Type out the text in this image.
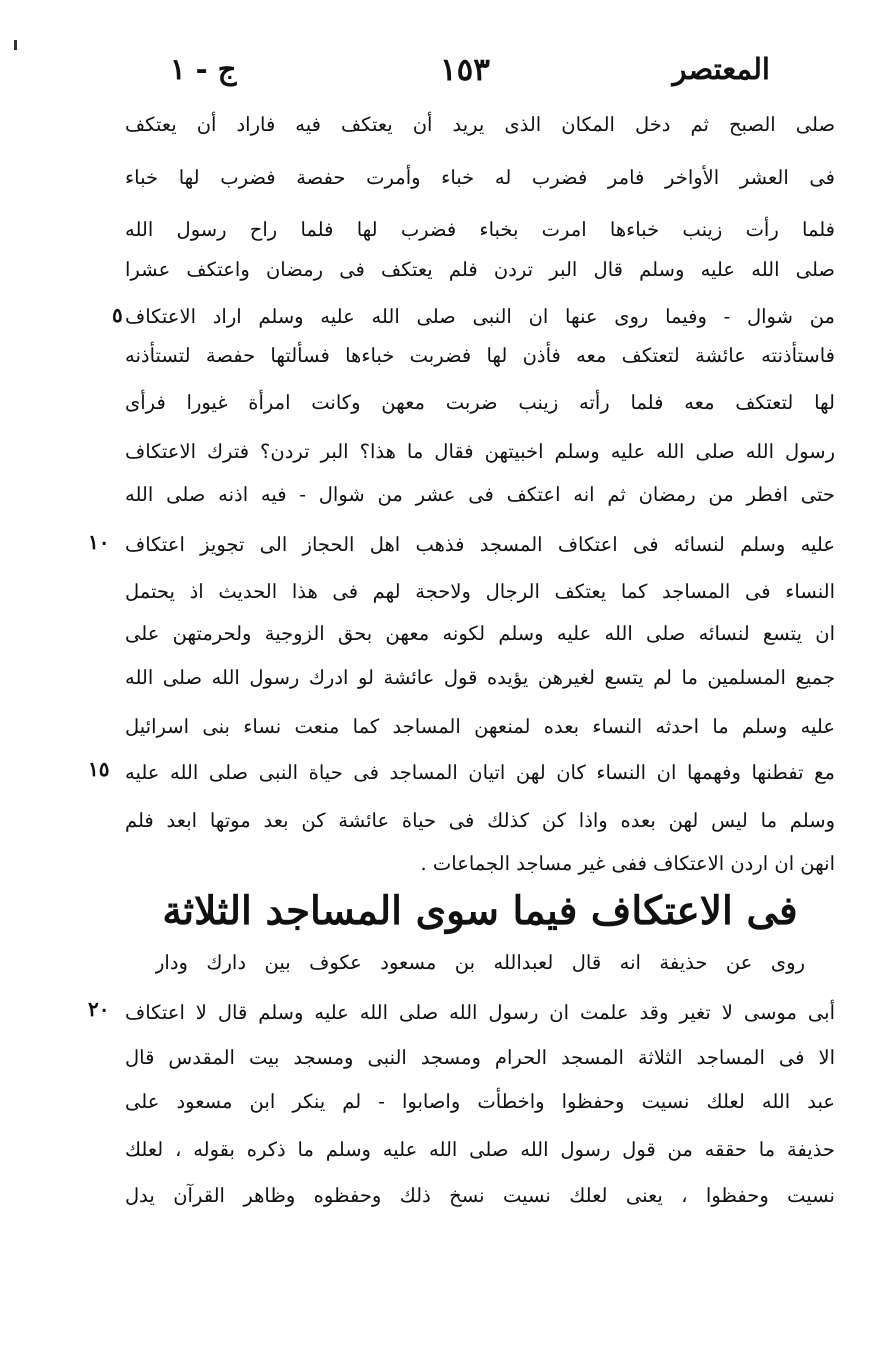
المعتصر
١٥٣
ج - ١
صلى الصبح ثم دخل المكان الذى يريد أن يعتكف فيه فاراد أن يعتكف
فى العشر الأواخر فامر فضرب له خباء وأمرت حفصة فضرب لها خباء
فلما رأت زينب خباءها امرت بخباء فضرب لها فلما راح رسول الله
صلى الله عليه وسلم قال البر تردن فلم يعتكف فى رمضان واعتكف عشرا
من شوال - وفيما روى عنها ان النبى صلى الله عليه وسلم اراد الاعتكاف
فاستأذنته عائشة لتعتكف معه فأذن لها فضربت خباءها فسألتها حفصة لتستأذنه
لها لتعتكف معه فلما رأته زينب ضربت معهن وكانت امرأة غيورا فرأى
رسول الله صلى الله عليه وسلم اخبيتهن فقال ما هذا؟ البر تردن؟ فترك الاعتكاف
حتى افطر من رمضان ثم انه اعتكف فى عشر من شوال - فيه اذنه صلى الله
عليه وسلم لنسائه فى اعتكاف المسجد فذهب اهل الحجاز الى تجويز اعتكاف
النساء فى المساجد كما يعتكف الرجال ولاحجة لهم فى هذا الحديث اذ يحتمل
ان يتسع لنسائه صلى الله عليه وسلم لكونه معهن بحق الزوجية ولحرمتهن على
جميع المسلمين ما لم يتسع لغيرهن يؤيده قول عائشة لو ادرك رسول الله صلى الله
عليه وسلم ما احدثه النساء بعده لمنعهن المساجد كما منعت نساء بنى اسرائيل
مع تفطنها وفهمها ان النساء كان لهن اتيان المساجد فى حياة النبى صلى الله عليه
وسلم ما ليس لهن بعده واذا كن كذلك فى حياة عائشة كن بعد موتها ابعد فلم
انهن ان اردن الاعتكاف ففى غير مساجد الجماعات .
فى الاعتكاف فيما سوى المساجد الثلاثة
روى عن حذيفة انه قال لعبدالله بن مسعود عكوف بين دارك ودار
أبى موسى لا تغير وقد علمت ان رسول الله صلى الله عليه وسلم قال لا اعتكاف
الا فى المساجد الثلاثة المسجد الحرام ومسجد النبى ومسجد بيت المقدس قال
عبد الله لعلك نسيت وحفظوا واخطأت واصابوا - لم ينكر ابن مسعود على
حذيفة ما حققه من قول رسول الله صلى الله عليه وسلم ما ذكره بقوله ، لعلك
نسيت وحفظوا ، يعنى لعلك نسيت نسخ ذلك وحفظوه وظاهر القرآن يدل
٥
١٠
١٥
٢٠
